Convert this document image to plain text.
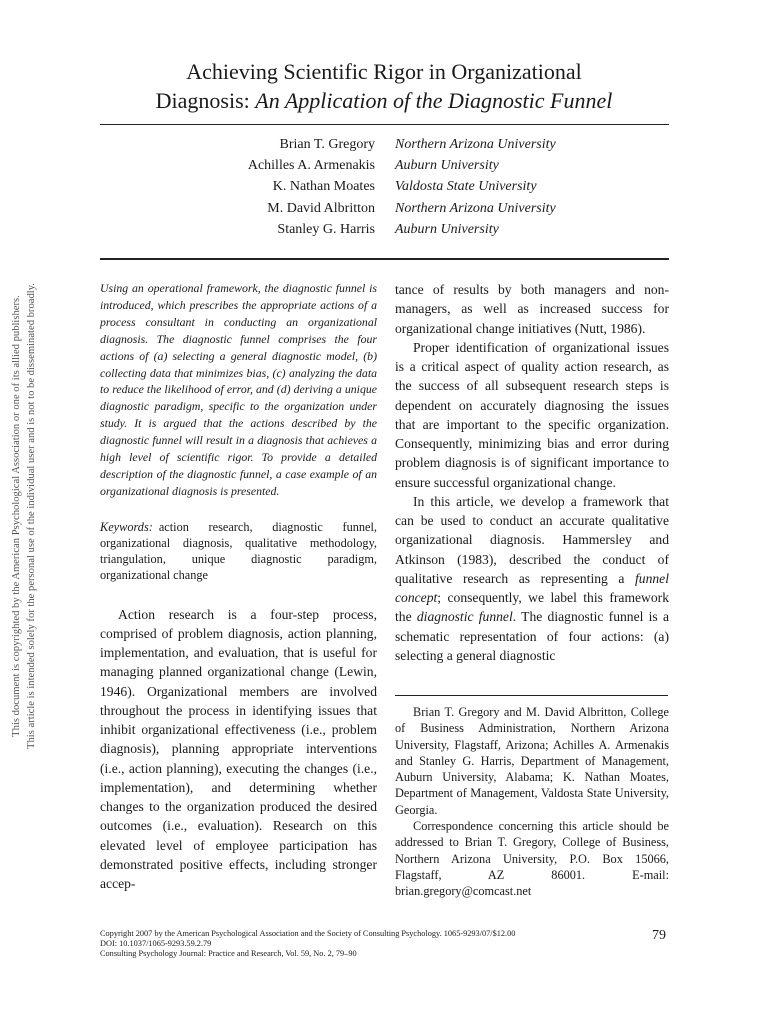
This document is copyrighted by the American Psychological Association or one of its allied publishers. This article is intended solely for the personal use of the individual user and is not to be disseminated broadly.
Achieving Scientific Rigor in Organizational
Diagnosis: An Application of the Diagnostic Funnel
Brian T. Gregory Northern Arizona University
Achilles A. Armenakis Auburn University
K. Nathan Moates Valdosta State University
M. David Albritton Northern Arizona University
Stanley G. Harris Auburn University

Using an operational framework, the diagnostic funnel is introduced, which prescribes the appropriate actions of a process consultant in conducting an organizational diagnosis. The diagnostic funnel comprises the four actions of (a) selecting a general diagnostic model, (b) collecting data that minimizes bias, (c) analyzing the data to reduce the likelihood of error, and (d) deriving a unique diagnostic paradigm, specific to the organization under study. It is argued that the actions described by the diagnostic funnel will result in a diagnosis that achieves a high level of scientific rigor. To provide a detailed description of the diagnostic funnel, a case example of an organizational diagnosis is presented.

Keywords: action research, diagnostic funnel, organizational diagnosis, qualitative methodology, triangulation, unique diagnostic paradigm, organizational change

Action research is a four-step process, comprised of problem diagnosis, action planning, implementation, and evaluation, that is useful for managing planned organizational change (Lewin, 1946). Organizational members are involved throughout the process in identifying issues that inhibit organizational effectiveness (i.e., problem diagnosis), planning appropriate interventions (i.e., action planning), executing the changes (i.e., implementation), and determining whether changes to the organization produced the desired outcomes (i.e., evaluation). Research on this elevated level of employee participation has demonstrated positive effects, including stronger accep-

tance of results by both managers and nonmanagers, as well as increased success for organizational change initiatives (Nutt, 1986).

Proper identification of organizational issues is a critical aspect of quality action research, as the success of all subsequent research steps is dependent on accurately diagnosing the issues that are important to the specific organization. Consequently, minimizing bias and error during problem diagnosis is of significant importance to ensure successful organizational change.

In this article, we develop a framework that can be used to conduct an accurate qualitative organizational diagnosis. Hammersley and Atkinson (1983), described the conduct of qualitative research as representing a funnel concept; consequently, we label this framework the diagnostic funnel. The diagnostic funnel is a schematic representation of four actions: (a) selecting a general diagnostic

Brian T. Gregory and M. David Albritton, College of Business Administration, Northern Arizona University, Flagstaff, Arizona; Achilles A. Armenakis and Stanley G. Harris, Department of Management, Auburn University, Alabama; K. Nathan Moates, Department of Management, Valdosta State University, Georgia.

Correspondence concerning this article should be addressed to Brian T. Gregory, College of Business, Northern Arizona University, P.O. Box 15066, Flagstaff, AZ 86001. E-mail: brian.gregory@comcast.net

Copyright 2007 by the American Psychological Association and the Society of Consulting Psychology. 1065-9293/07/$12.00
DOI: 10.1037/1065-9293.59.2.79
Consulting Psychology Journal: Practice and Research, Vol. 59, No. 2, 79–90
79
